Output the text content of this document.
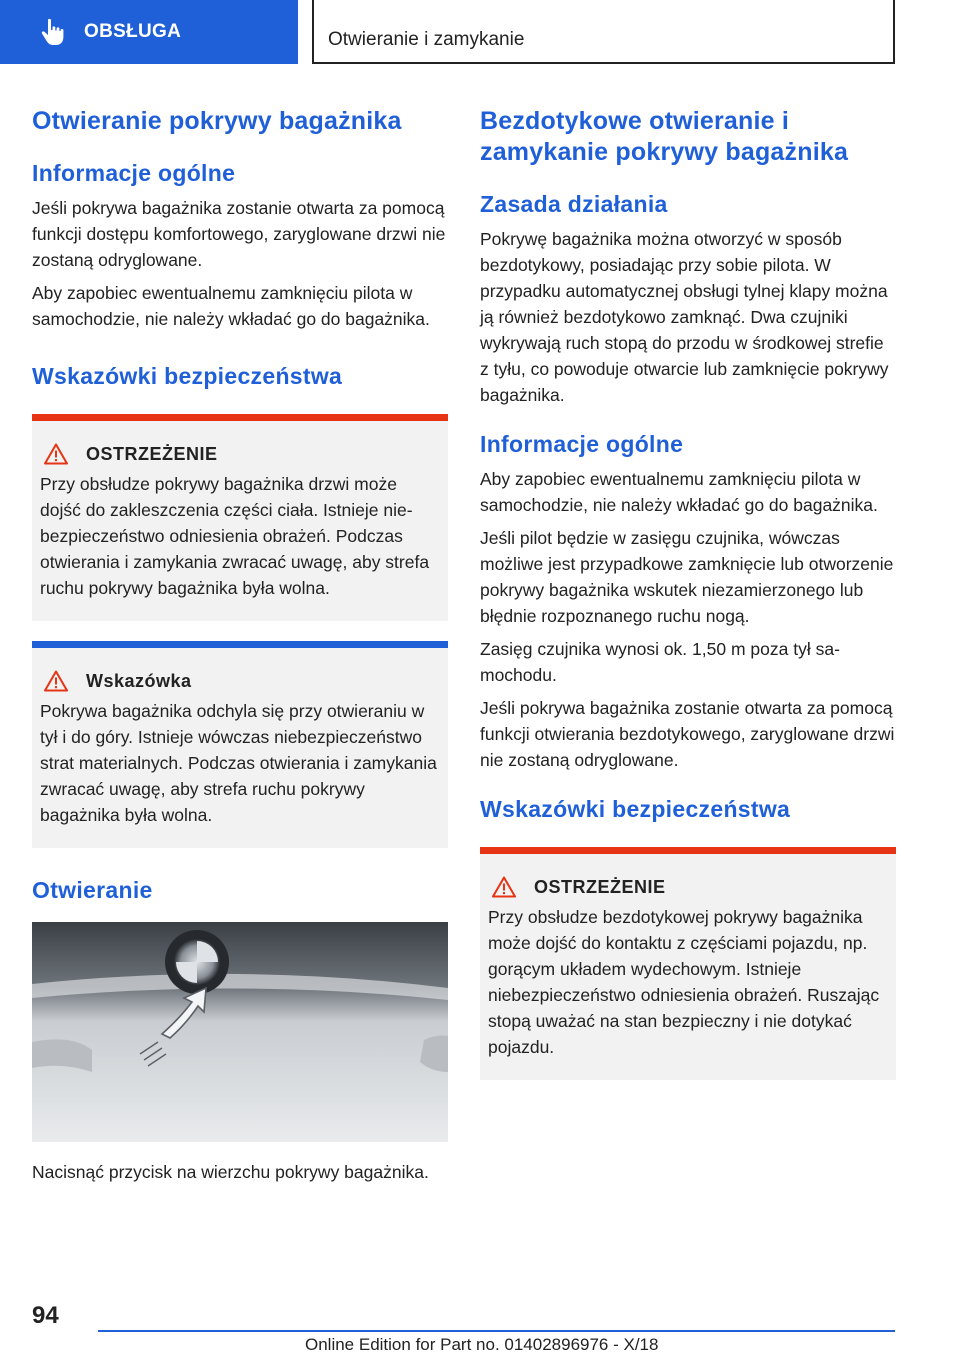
OBSŁUGA	Otwieranie i zamykanie
Otwieranie pokrywy bagażnika
Informacje ogólne

Jeśli pokrywa bagażnika zostanie otwarta za pomocą funkcji dostępu komfortowego, zaryglowane drzwi nie zostaną odryglowane.

Aby zapobiec ewentualnemu zamknięciu pilota w samochodzie, nie należy wkładać go do bagażnika.

Wskazówki bezpieczeństwa
OSTRZEŻENIE

Przy obsłudze pokrywy bagażnika drzwi może dojść do zakleszczenia części ciała. Istnieje niebezpieczeństwo odniesienia obrażeń. Podczas otwierania i zamykania zwracać uwagę, aby strefa ruchu pokrywy bagażnika była wolna.

Wskazówka

Pokrywa bagażnika odchyla się przy otwieraniu w tył i do góry. Istnieje wówczas niebezpieczeństwo strat materialnych. Podczas otwierania i zamykania zwracać uwagę, aby strefa ruchu pokrywy bagażnika była wolna.

Otwieranie

Nacisnąć przycisk na wierzchu pokrywy bagażnika.

Bezdotykowe otwieranie i zamykanie pokrywy bagażnika
Zasada działania

Pokrywę bagażnika można otworzyć w sposób bezdotykowy, posiadając przy sobie pilota. W przypadku automatycznej obsługi tylnej klapy można ją również bezdotykowo zamknąć. Dwa czujniki wykrywają ruch stopą do przodu w środkowej strefie z tyłu, co powoduje otwarcie lub zamknięcie pokrywy bagażnika.

Informacje ogólne

Aby zapobiec ewentualnemu zamknięciu pilota w samochodzie, nie należy wkładać go do bagażnika.

Jeśli pilot będzie w zasięgu czujnika, wówczas możliwe jest przypadkowe zamknięcie lub otworzenie pokrywy bagażnika wskutek niezamierzonego lub błędnie rozpoznanego ruchu nogą.

Zasięg czujnika wynosi ok. 1,50 m poza tył samochodu.

Jeśli pokrywa bagażnika zostanie otwarta za pomocą funkcji otwierania bezdotykowego, zaryglowane drzwi nie zostaną odryglowane.

Wskazówki bezpieczeństwa
OSTRZEŻENIE

Przy obsłudze bezdotykowej pokrywy bagażnika może dojść do kontaktu z częściami pojazdu, np. gorącym układem wydechowym. Istnieje niebezpieczeństwo odniesienia obrażeń. Ruszając stopą uważać na stan bezpieczny i nie dotykać pojazdu.

94
Online Edition for Part no. 01402896976 - X/18
